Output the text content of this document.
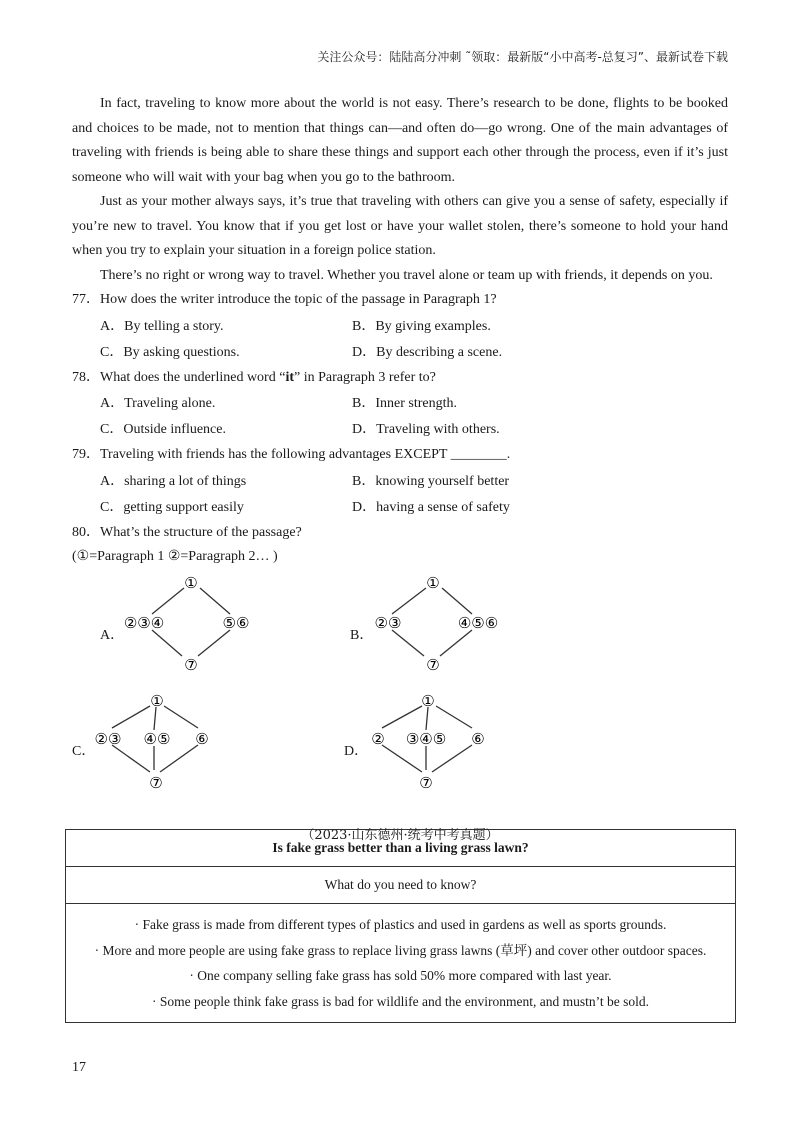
关注公众号：陆陆高分冲刺 ˜领取：最新版“小中高考-总复习”、最新试卷下载

In fact, traveling to know more about the world is not easy. There’s research to be done, flights to be booked and choices to be made, not to mention that things can—and often do—go wrong. One of the main advantages of traveling with friends is being able to share these things and support each other through the process, even if it’s just someone who will wait with your bag when you go to the bathroom.

Just as your mother always says, it’s true that traveling with others can give you a sense of safety, especially if you’re new to travel. You know that if you get lost or have your wallet stolen, there’s someone to hold your hand when you try to explain your situation in a foreign police station.

There’s no right or wrong way to travel. Whether you travel alone or team up with friends, it depends on you.

77．How does the writer introduce the topic of the passage in Paragraph 1?

A．By telling a story.	B．By giving examples.
C．By asking questions.	D．By describing a scene.

78．What does the underlined word “it” in Paragraph 3 refer to?

A．Traveling alone.	B．Inner strength.
C．Outside influence.	D．Traveling with others.

79．Traveling with friends has the following advantages EXCEPT ________.

A．sharing a lot of things	B．knowing yourself better
C．getting support easily	D．having a sense of safety

80．What’s the structure of the passage?

(①=Paragraph 1 ②=Paragraph 2… )

A．
①
②③④	⑤⑥
⑦
B．
①
②③	④⑤⑥
⑦
C．
①
②③ ④⑤ ⑥
⑦
D．
①
② ③④⑤ ⑥
⑦
（2023·山东德州·统考中考真题）
Is fake grass better than a living grass lawn?
What do you need to know?

· Fake grass is made from different types of plastics and used in gardens as well as sports grounds.
· More and more people are using fake grass to replace living grass lawns (草坪) and cover other outdoor spaces.
· One company selling fake grass has sold 50% more compared with last year.
· Some people think fake grass is bad for wildlife and the environment, and mustn’t be sold.
17
